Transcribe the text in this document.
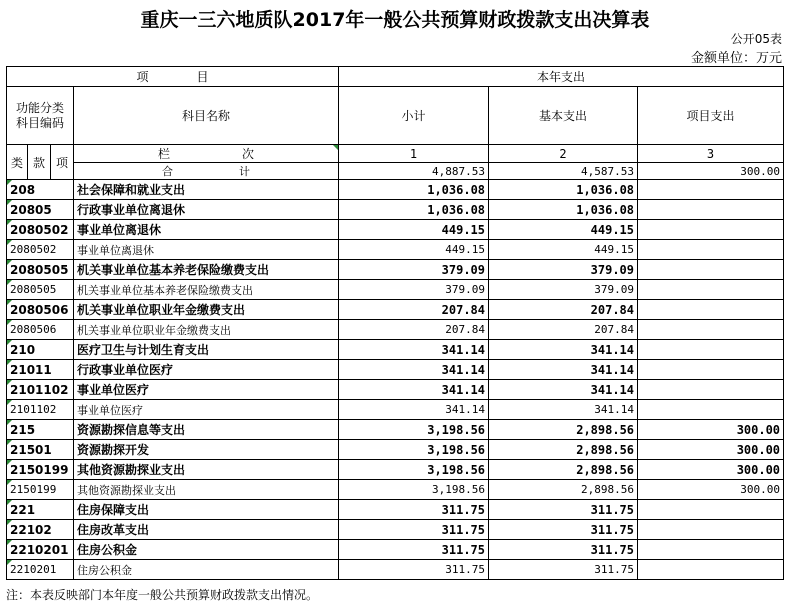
重庆一三六地质队2017年一般公共预算财政拨款支出决算表
公开05表
金额单位：万元
项　　　　目				本年支出		

功能分类
科目编码			科目名称	小计	基本支出	项目支出
类	款	项				
			栏　　　　　　次	1	2	3
			合　　　　　　计	4,887.53	4,587.53	300.00
208			社会保障和就业支出	1,036.08	1,036.08	
20805			行政事业单位离退休	1,036.08	1,036.08	
2080502			事业单位离退休	449.15	449.15	
2080502			事业单位离退休	449.15	449.15	
2080505			机关事业单位基本养老保险缴费支出	379.09	379.09	
2080505			机关事业单位基本养老保险缴费支出	379.09	379.09	
2080506			机关事业单位职业年金缴费支出	207.84	207.84	
2080506			机关事业单位职业年金缴费支出	207.84	207.84	
210			医疗卫生与计划生育支出	341.14	341.14	
21011			行政事业单位医疗	341.14	341.14	
2101102			事业单位医疗	341.14	341.14	
2101102			事业单位医疗	341.14	341.14	
215			资源勘探信息等支出	3,198.56	2,898.56	300.00
21501			资源勘探开发	3,198.56	2,898.56	300.00
2150199			其他资源勘探业支出	3,198.56	2,898.56	300.00
2150199			其他资源勘探业支出	3,198.56	2,898.56	300.00
221			住房保障支出	311.75	311.75	
22102			住房改革支出	311.75	311.75	
2210201			住房公积金	311.75	311.75	
2210201			住房公积金	311.75	311.75	
注：本表反映部门本年度一般公共预算财政拨款支出情况。
